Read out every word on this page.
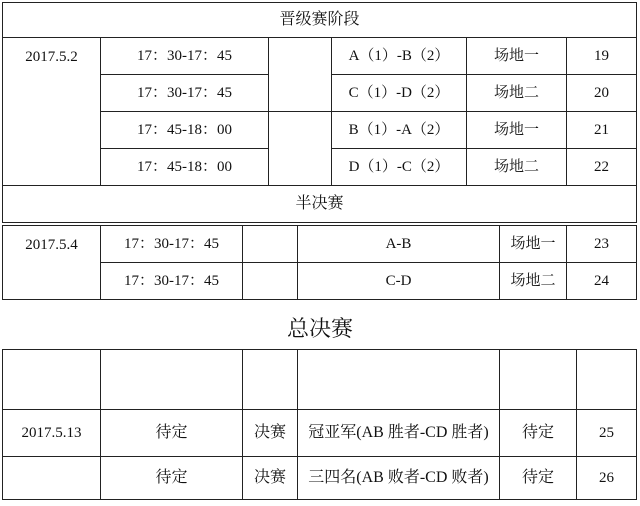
晋级赛阶段					
2017.5.2	17：30-17：45		A（1）-B（2）	场地一	19
	17：30-17：45		C（1）-D（2）	场地二	20
	17：45-18：00		B（1）-A（2）	场地一	21
	17：45-18：00		D（1）-C（2）	场地二	22
半决赛					
2017.5.4	17：30-17：45		A-B	场地一	23
	17：30-17：45		C-D	场地二	24
总决赛

2017.5.13	待定	决赛	冠亚军(AB 胜者-CD 胜者)	待定	25
	待定	决赛	三四名(AB 败者-CD 败者)	待定	26
